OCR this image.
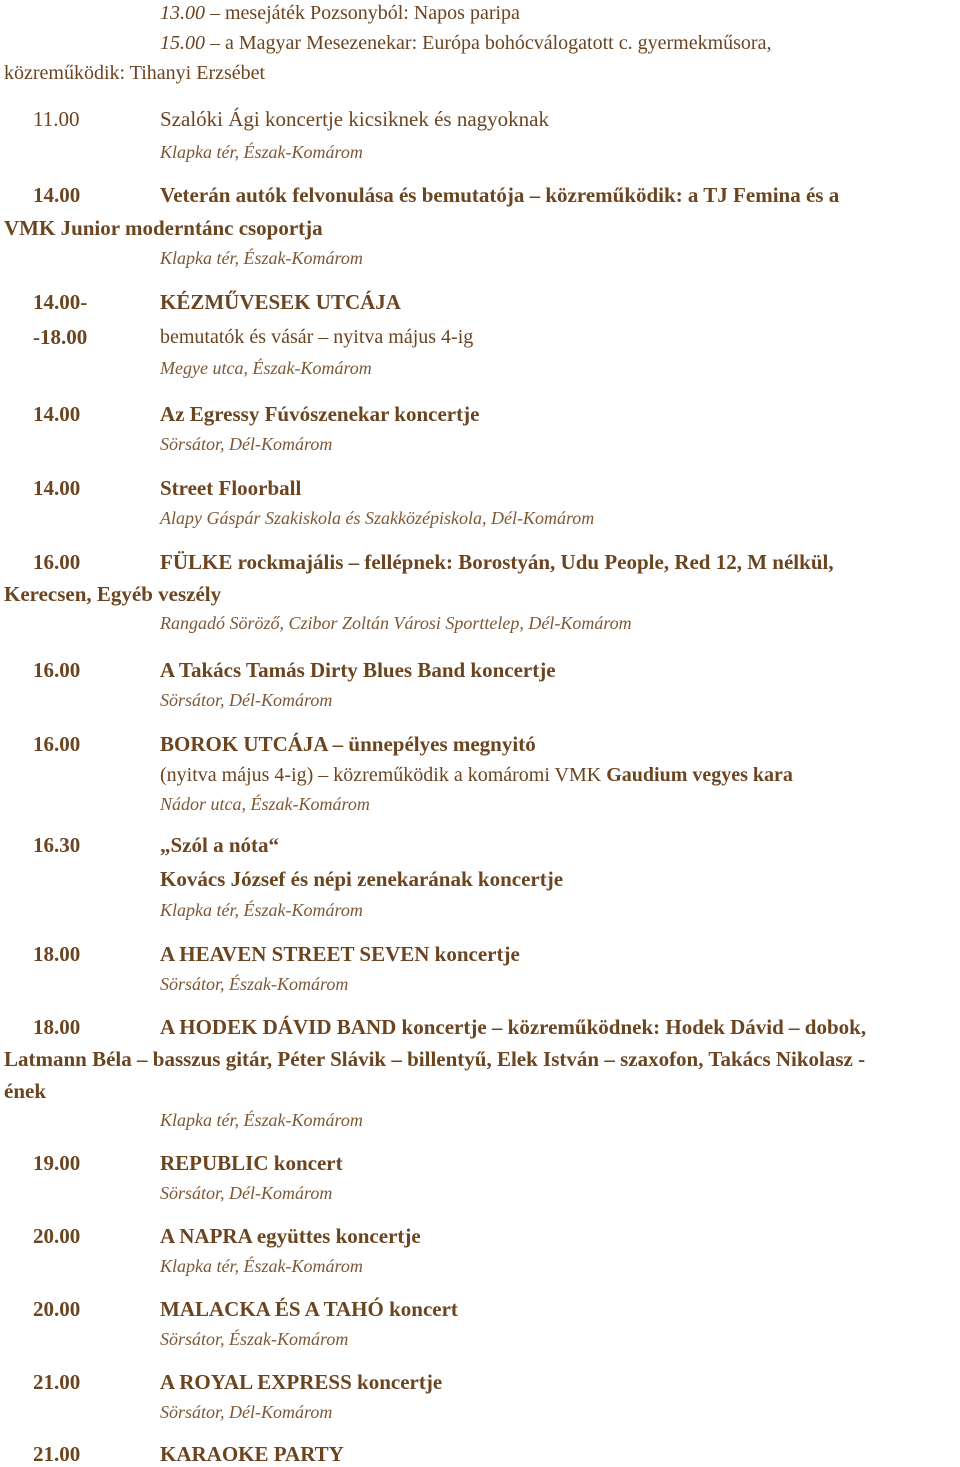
13.00 – mesejáték Pozsonyból: Napos paripa
15.00 – a Magyar Mesezenekar: Európa bohócválogatott c. gyermekműsora,
közreműködik: Tihanyi Erzsébet
11.00	Szalóki Ági koncertje kicsiknek és nagyoknak
Klapka tér, Észak-Komárom
14.00	Veterán autók felvonulása és bemutatója – közreműködik: a TJ Femina és a
VMK Junior moderntánc csoportja
Klapka tér, Észak-Komárom
14.00-	KÉZMŰVESEK UTCÁJA
-18.00	bemutatók és vásár – nyitva május 4-ig
Megye utca, Észak-Komárom
14.00	Az Egressy Fúvószenekar koncertje
Sörsátor, Dél-Komárom
14.00	Street Floorball
Alapy Gáspár Szakiskola és Szakközépiskola, Dél-Komárom
16.00	FÜLKE rockmajális – fellépnek: Borostyán, Udu People, Red 12, M nélkül,
Kerecsen, Egyéb veszély
Rangadó Söröző, Czibor Zoltán Városi Sporttelep, Dél-Komárom
16.00	A Takács Tamás Dirty Blues Band koncertje
Sörsátor, Dél-Komárom
16.00	BOROK UTCÁJA – ünnepélyes megnyitó
(nyitva május 4-ig) – közreműködik a komáromi VMK Gaudium vegyes kara
Nádor utca, Észak-Komárom
16.30	„Szól a nóta“
Kovács József és népi zenekarának koncertje
Klapka tér, Észak-Komárom
18.00	A HEAVEN STREET SEVEN koncertje
Sörsátor, Észak-Komárom
18.00	A HODEK DÁVID BAND koncertje – közreműködnek: Hodek Dávid – dobok,
Latmann Béla – basszus gitár, Péter Slávik – billentyű, Elek István – szaxofon, Takács Nikolasz -
ének
Klapka tér, Észak-Komárom
19.00	REPUBLIC koncert
Sörsátor, Dél-Komárom
20.00	A NAPRA együttes koncertje
Klapka tér, Észak-Komárom
20.00	MALACKA ÉS A TAHÓ koncert
Sörsátor, Észak-Komárom
21.00	A ROYAL EXPRESS koncertje
Sörsátor, Dél-Komárom
21.00	KARAOKE PARTY
